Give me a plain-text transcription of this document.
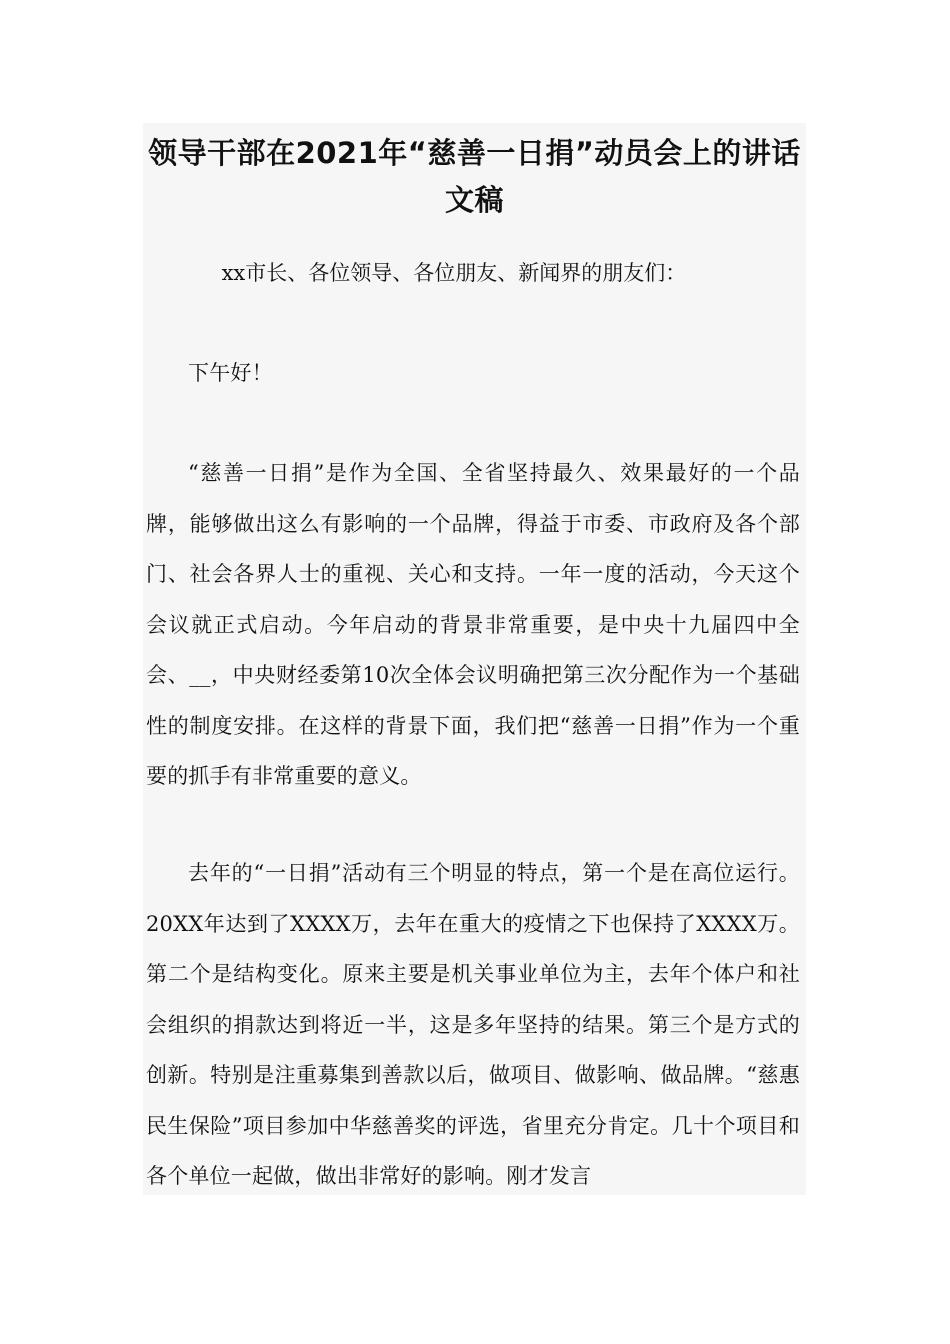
领导干部在2021年“慈善一日捐”动员会上的讲话文稿

xx市长、各位领导、各位朋友、新闻界的朋友们：

下午好！

“慈善一日捐”是作为全国、全省坚持最久、效果最好的一个品牌，能够做出这么有影响的一个品牌，得益于市委、市政府及各个部门、社会各界人士的重视、关心和支持。一年一度的活动，今天这个会议就正式启动。今年启动的背景非常重要，是中央十九届四中全会、__，中央财经委第10次全体会议明确把第三次分配作为一个基础性的制度安排。在这样的背景下面，我们把“慈善一日捐”作为一个重要的抓手有非常重要的意义。

去年的“一日捐”活动有三个明显的特点，第一个是在高位运行。20XX年达到了XXXX万，去年在重大的疫情之下也保持了XXXX万。第二个是结构变化。原来主要是机关事业单位为主，去年个体户和社会组织的捐款达到将近一半，这是多年坚持的结果。第三个是方式的创新。特别是注重募集到善款以后，做项目、做影响、做品牌。“慈惠民生保险”项目参加中华慈善奖的评选，省里充分肯定。几十个项目和各个单位一起做，做出非常好的影响。刚才发言
